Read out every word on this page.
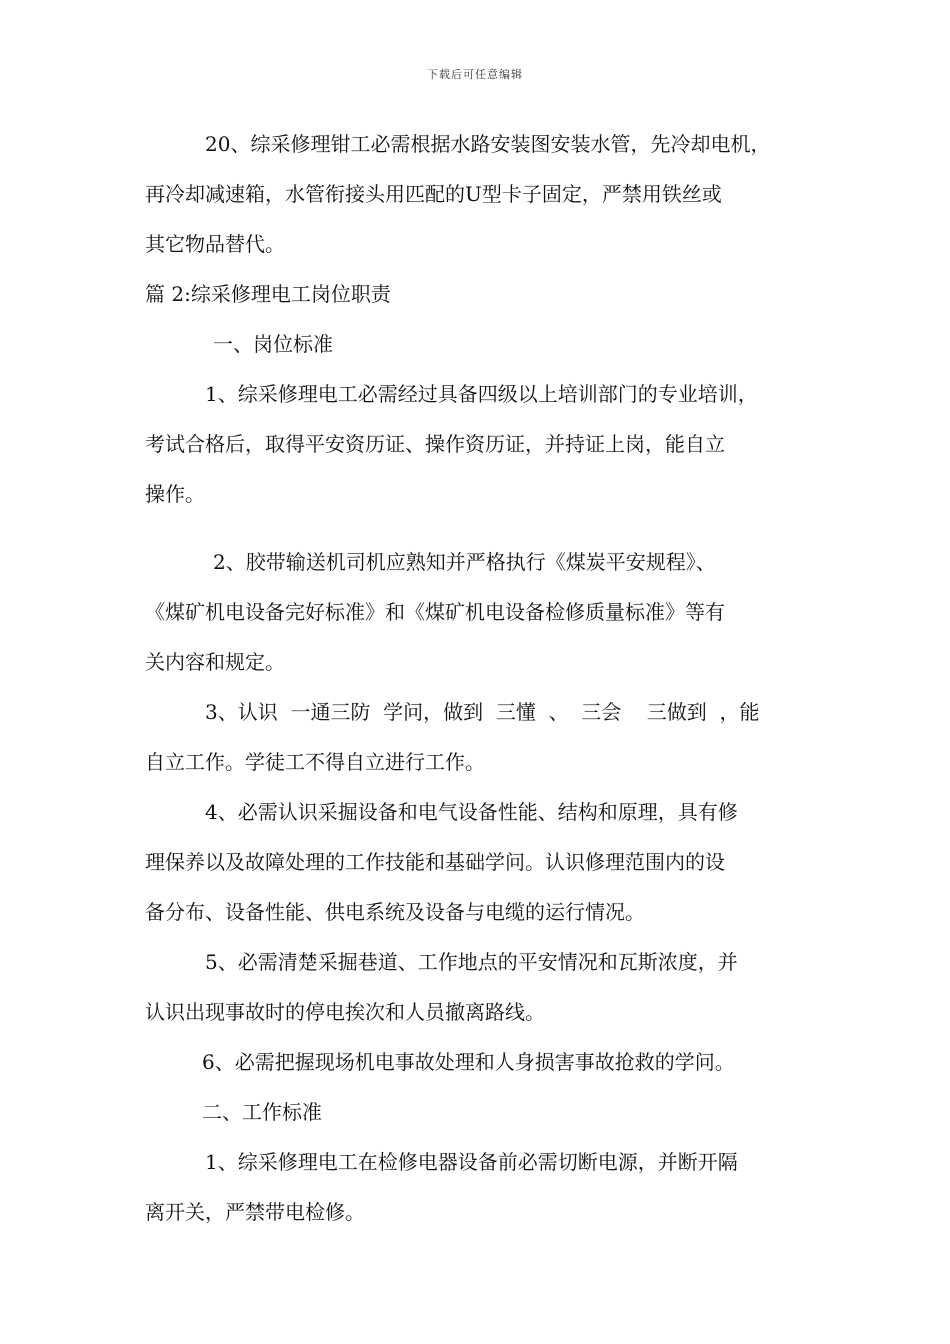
下载后可任意编辑
20、综采修理钳工必需根据水路安装图安装水管，先冷却电机，
再冷却减速箱，水管衔接头用匹配的U型卡子固定，严禁用铁丝或
其它物品替代。
篇 2:综采修理电工岗位职责
一、岗位标准
1、综采修理电工必需经过具备四级以上培训部门的专业培训，
考试合格后，取得平安资历证、操作资历证，并持证上岗，能自立
操作。
2、胶带输送机司机应熟知并严格执行《煤炭平安规程》、
《煤矿机电设备完好标准》和《煤矿机电设备检修质量标准》等有
关内容和规定。
3、认识  一通三防  学问，做到  三懂  、  三会    三做到  ，能
自立工作。学徒工不得自立进行工作。
4、必需认识采掘设备和电气设备性能、结构和原理，具有修
理保养以及故障处理的工作技能和基础学问。认识修理范围内的设
备分布、设备性能、供电系统及设备与电缆的运行情况。
5、必需清楚采掘巷道、工作地点的平安情况和瓦斯浓度，并
认识出现事故时的停电挨次和人员撤离路线。
6、必需把握现场机电事故处理和人身损害事故抢救的学问。
二、工作标准
1、综采修理电工在检修电器设备前必需切断电源，并断开隔
离开关，严禁带电检修。
